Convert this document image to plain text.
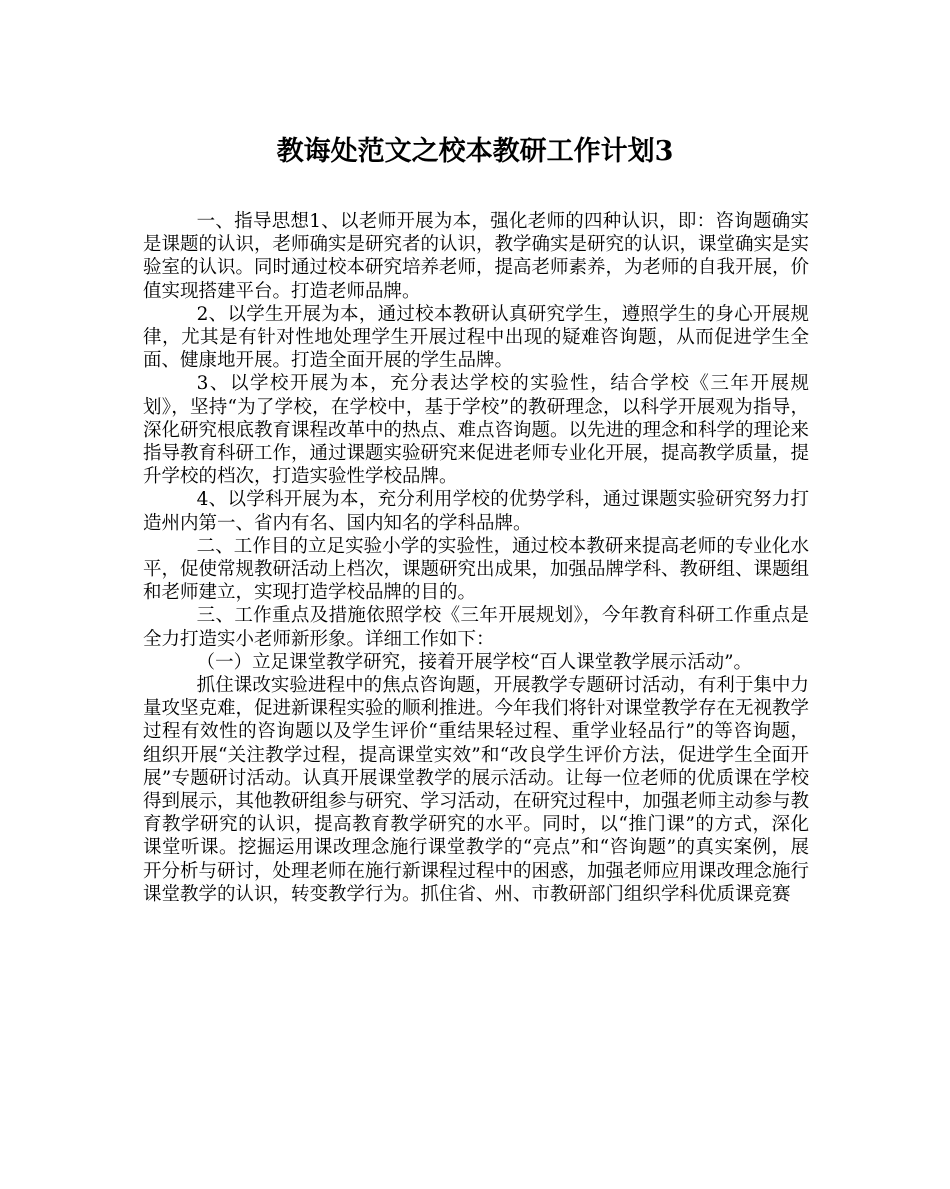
教诲处范文之校本教研工作计划3

一、指导思想1、以老师开展为本，强化老师的四种认识，即：咨询题确实是课题的认识，老师确实是研究者的认识，教学确实是研究的认识，课堂确实是实验室的认识。同时通过校本研究培养老师，提高老师素养，为老师的自我开展，价值实现搭建平台。打造老师品牌。

2、以学生开展为本，通过校本教研认真研究学生，遵照学生的身心开展规律，尤其是有针对性地处理学生开展过程中出现的疑难咨询题，从而促进学生全面、健康地开展。打造全面开展的学生品牌。

3、以学校开展为本，充分表达学校的实验性，结合学校《三年开展规划》，坚持“为了学校，在学校中，基于学校”的教研理念，以科学开展观为指导，深化研究根底教育课程改革中的热点、难点咨询题。以先进的理念和科学的理论来指导教育科研工作，通过课题实验研究来促进老师专业化开展，提高教学质量，提升学校的档次，打造实验性学校品牌。

4、以学科开展为本，充分利用学校的优势学科，通过课题实验研究努力打造州内第一、省内有名、国内知名的学科品牌。

二、工作目的立足实验小学的实验性，通过校本教研来提高老师的专业化水平，促使常规教研活动上档次，课题研究出成果，加强品牌学科、教研组、课题组和老师建立，实现打造学校品牌的目的。

三、工作重点及措施依照学校《三年开展规划》，今年教育科研工作重点是全力打造实小老师新形象。详细工作如下：

（一）立足课堂教学研究，接着开展学校“百人课堂教学展示活动”。

抓住课改实验进程中的焦点咨询题，开展教学专题研讨活动，有利于集中力量攻坚克难，促进新课程实验的顺利推进。今年我们将针对课堂教学存在无视教学过程有效性的咨询题以及学生评价“重结果轻过程、重学业轻品行”的等咨询题，组织开展“关注教学过程，提高课堂实效”和“改良学生评价方法，促进学生全面开展”专题研讨活动。认真开展课堂教学的展示活动。让每一位老师的优质课在学校得到展示，其他教研组参与研究、学习活动，在研究过程中，加强老师主动参与教育教学研究的认识，提高教育教学研究的水平。同时，以“推门课”的方式，深化课堂听课。挖掘运用课改理念施行课堂教学的“亮点”和“咨询题”的真实案例，展开分析与研讨，处理老师在施行新课程过程中的困惑，加强老师应用课改理念施行课堂教学的认识，转变教学行为。抓住省、州、市教研部门组织学科优质课竞赛
